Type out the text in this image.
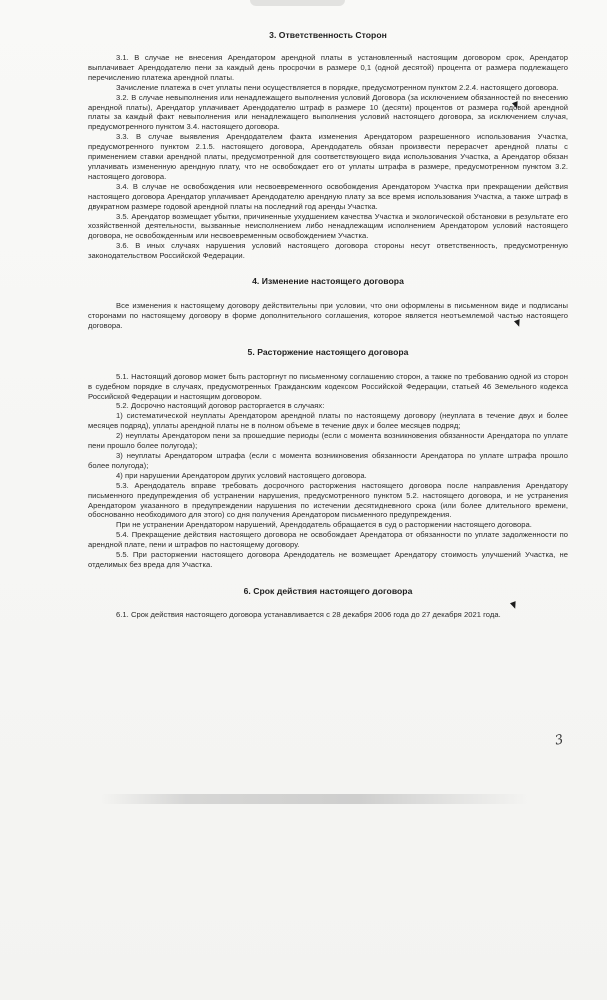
3. Ответственность Сторон

3.1. В случае не внесения Арендатором арендной платы в установленный настоящим договором срок, Арендатор выплачивает Арендодателю пени за каждый день просрочки в размере 0,1 (одной десятой) процента от размера подлежащего перечислению платежа арендной платы.

Зачисление платежа в счет уплаты пени осуществляется в порядке, предусмотренном пунктом 2.2.4. настоящего договора.

3.2. В случае невыполнения или ненадлежащего выполнения условий Договора (за исключением обязанностей по внесению арендной платы), Арендатор уплачивает Арендодателю штраф в размере 10 (десяти) процентов от размера годовой арендной платы за каждый факт невыполнения или ненадлежащего выполнения условий настоящего договора, за исключением случая, предусмотренного пунктом 3.4. настоящего договора.

3.3. В случае выявления Арендодателем факта изменения Арендатором разрешенного использования Участка, предусмотренного пунктом 2.1.5. настоящего договора, Арендодатель обязан произвести перерасчет арендной платы с применением ставки арендной платы, предусмотренной для соответствующего вида использования Участка, а Арендатор обязан уплачивать измененную арендную плату, что не освобождает его от уплаты штрафа в размере, предусмотренном пунктом 3.2. настоящего договора.

3.4. В случае не освобождения или несвоевременного освобождения Арендатором Участка при прекращении действия настоящего договора Арендатор уплачивает Арендодателю арендную плату за все время использования Участка, а также штраф в двукратном размере годовой арендной платы на последний год аренды Участка.

3.5. Арендатор возмещает убытки, причиненные ухудшением качества Участка и экологической обстановки в результате его хозяйственной деятельности, вызванные неисполнением либо ненадлежащим исполнением Арендатором условий настоящего договора, не освобожденным или несвоевременным освобождением Участка.

3.6. В иных случаях нарушения условий настоящего договора стороны несут ответственность, предусмотренную законодательством Российской Федерации.

4. Изменение настоящего договора

Все изменения к настоящему договору действительны при условии, что они оформлены в письменном виде и подписаны сторонами по настоящему договору в форме дополнительного соглашения, которое является неотъемлемой частью настоящего договора.

5. Расторжение настоящего договора

5.1. Настоящий договор может быть расторгнут по письменному соглашению сторон, а также по требованию одной из сторон в судебном порядке в случаях, предусмотренных Гражданским кодексом Российской Федерации, статьей 46 Земельного кодекса Российской Федерации и настоящим договором.

5.2. Досрочно настоящий договор расторгается в случаях:

1) систематической неуплаты Арендатором арендной платы по настоящему договору (неуплата в течение двух и более месяцев подряд), уплаты арендной платы не в полном объеме в течение двух и более месяцев подряд;

2) неуплаты Арендатором пени за прошедшие периоды (если с момента возникновения обязанности Арендатора по уплате пени прошло более полугода);

3) неуплаты Арендатором штрафа (если с момента возникновения обязанности Арендатора по уплате штрафа прошло более полугода);

4) при нарушении Арендатором других условий настоящего договора.

5.3. Арендодатель вправе требовать досрочного расторжения настоящего договора после направления Арендатору письменного предупреждения об устранении нарушения, предусмотренного пунктом 5.2. настоящего договора, и не устранения Арендатором указанного в предупреждении нарушения по истечении десятидневного срока (или более длительного времени, обоснованно необходимого для этого) со дня получения Арендатором письменного предупреждения.

При не устранении Арендатором нарушений, Арендодатель обращается в суд о расторжении настоящего договора.

5.4. Прекращение действия настоящего договора не освобождает Арендатора от обязанности по уплате задолженности по арендной плате, пени и штрафов по настоящему договору.

5.5. При расторжении настоящего договора Арендодатель не возмещает Арендатору стоимость улучшений Участка, не отделимых без вреда для Участка.

6. Срок действия настоящего договора

6.1. Срок действия настоящего договора устанавливается с 28 декабря 2006 года до 27 декабря 2021 года.

3
